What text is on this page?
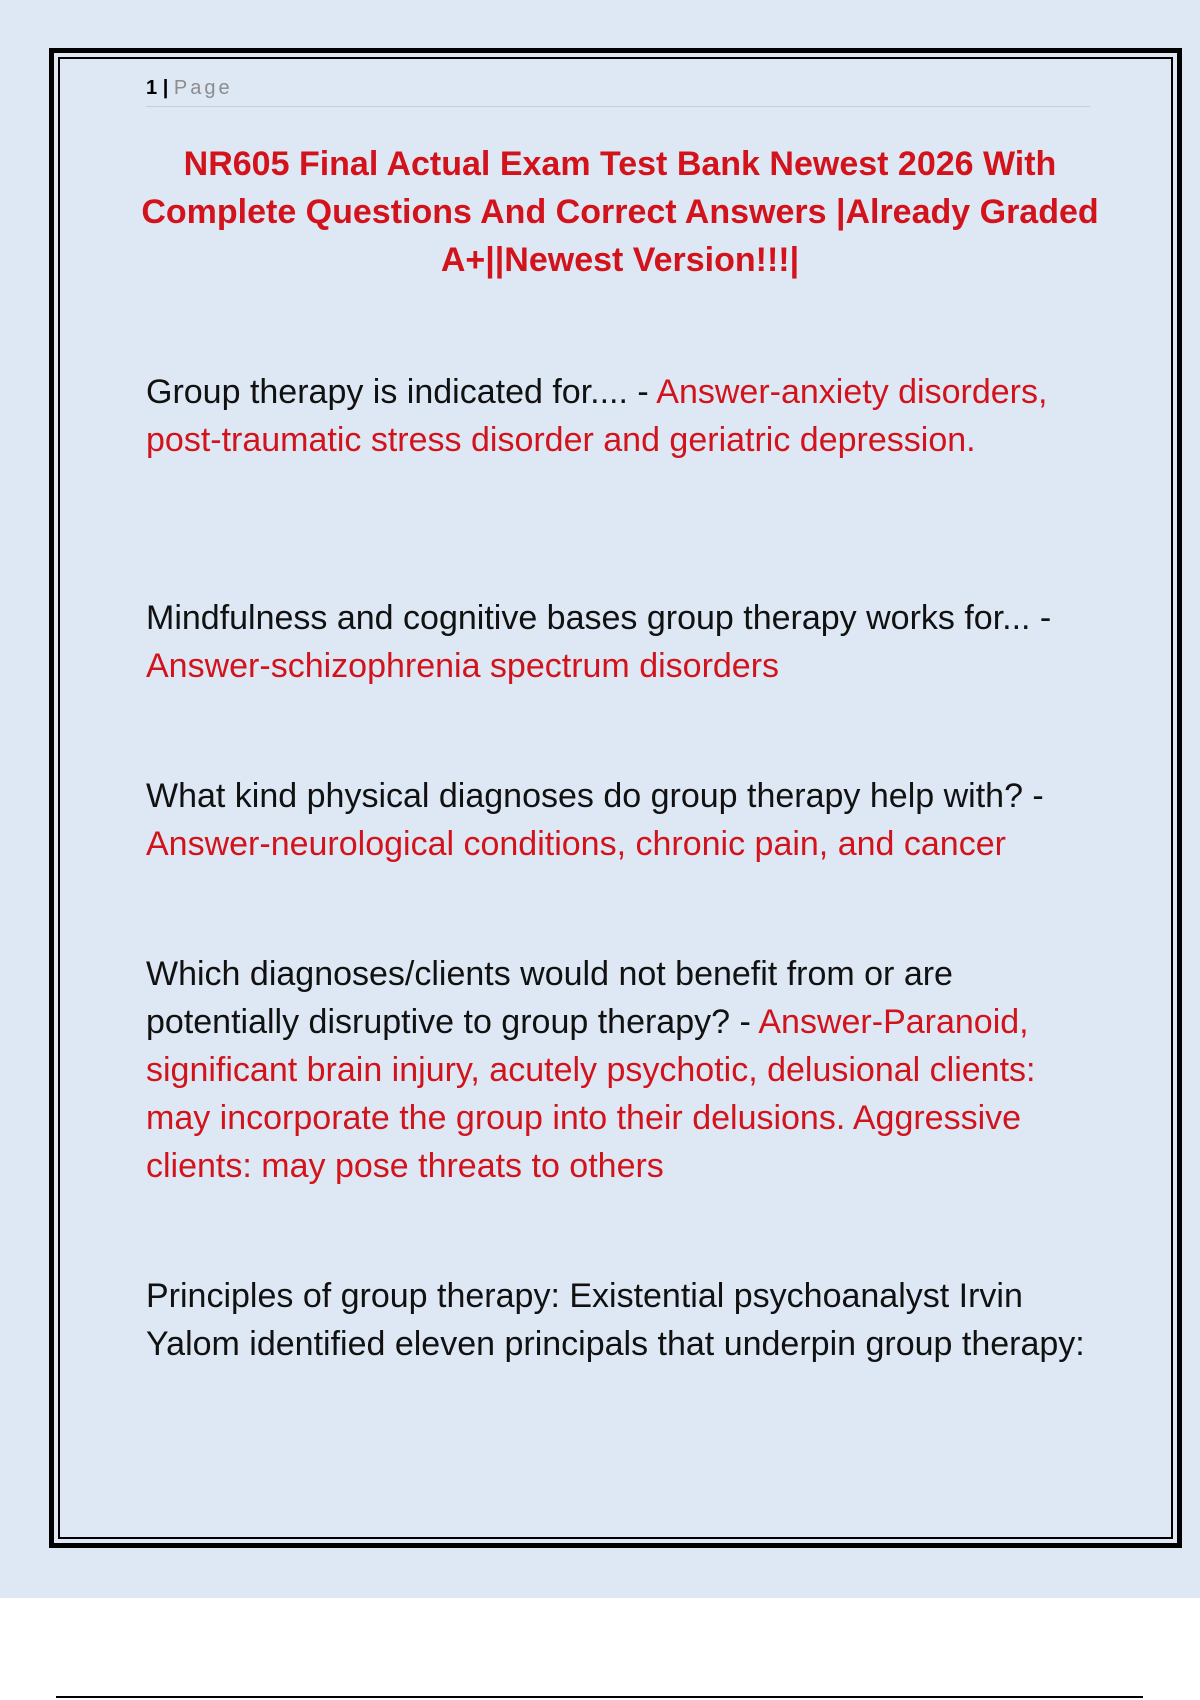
1 | Page
NR605 Final Actual Exam Test Bank Newest 2026 With Complete Questions And Correct Answers |Already Graded A+||Newest Version!!!|

Group therapy is indicated for.... - Answer-anxiety disorders, post-traumatic stress disorder and geriatric depression.

Mindfulness and cognitive bases group therapy works for... - Answer-schizophrenia spectrum disorders

What kind physical diagnoses do group therapy help with? - Answer-neurological conditions, chronic pain, and cancer

Which diagnoses/clients would not benefit from or are potentially disruptive to group therapy? - Answer-Paranoid, significant brain injury, acutely psychotic, delusional clients: may incorporate the group into their delusions. Aggressive clients: may pose threats to others

Principles of group therapy: Existential psychoanalyst Irvin Yalom identified eleven principals that underpin group therapy:
